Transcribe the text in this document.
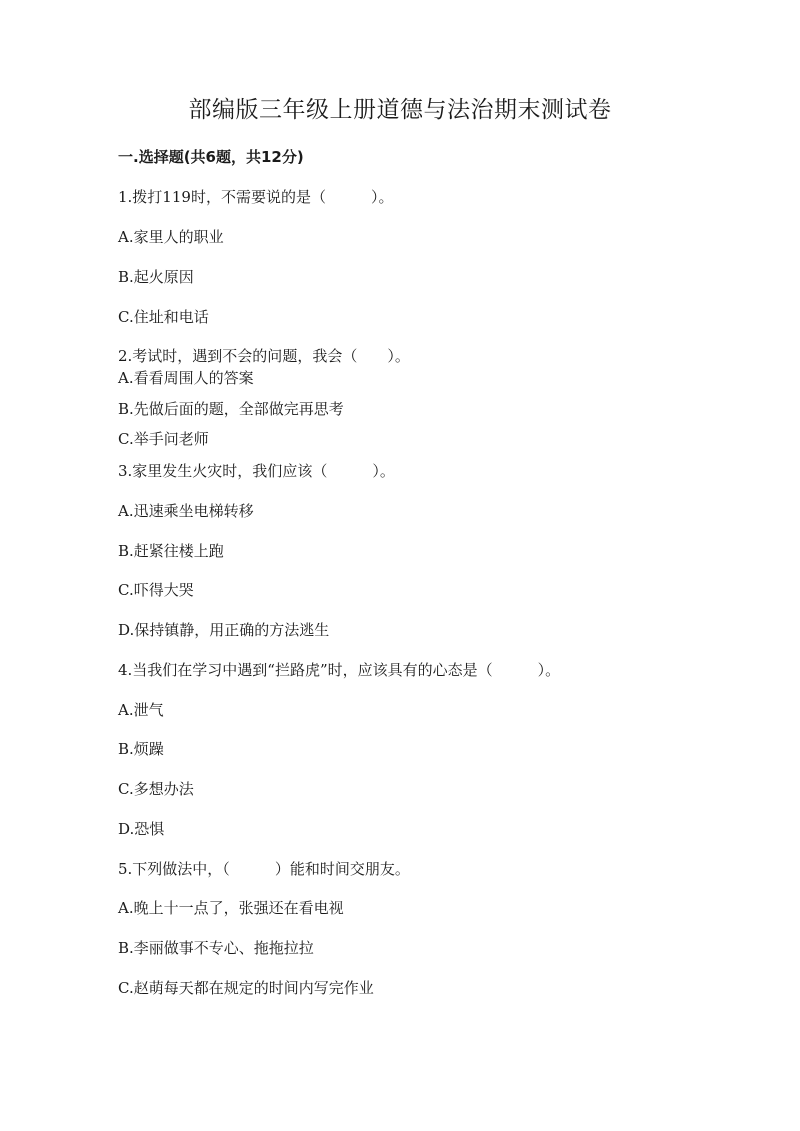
部编版三年级上册道德与法治期末测试卷
一.选择题(共6题，共12分)
1.拨打119时，不需要说的是（　　　）。
A.家里人的职业
B.起火原因
C.住址和电话
2.考试时，遇到不会的问题，我会（　　）。
A.看看周围人的答案
B.先做后面的题，全部做完再思考
C.举手问老师
3.家里发生火灾时，我们应该（　　　）。
A.迅速乘坐电梯转移
B.赶紧往楼上跑
C.吓得大哭
D.保持镇静，用正确的方法逃生
4.当我们在学习中遇到“拦路虎”时，应该具有的心态是（　　　）。
A.泄气
B.烦躁
C.多想办法
D.恐惧
5.下列做法中，（　　　）能和时间交朋友。
A.晚上十一点了，张强还在看电视
B.李丽做事不专心、拖拖拉拉
C.赵萌每天都在规定的时间内写完作业
